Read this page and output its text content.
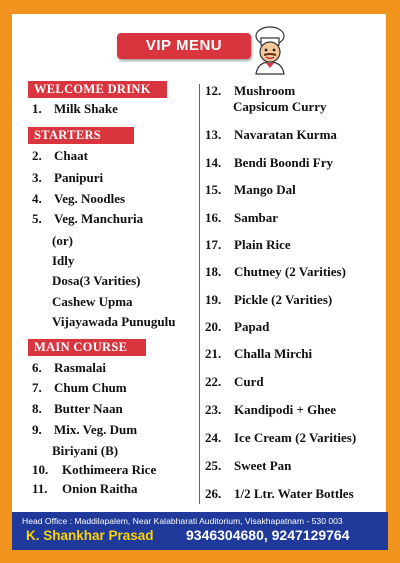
VIP MENU
WELCOME DRINK
STARTERS
MAIN COURSE
1. Milk Shake
2. Chaat
3. Panipuri
4. Veg. Noodles
5. Veg. Manchuria
(or)
Idly
Dosa(3 Varities)
Cashew Upma
Vijayawada Punugulu
6. Rasmalai
7. Chum Chum
8. Butter Naan
9. Mix. Veg. Dum
Biriyani (B)
10. Kothimeera Rice
11. Onion Raitha
12. Mushroom
Capsicum Curry
13. Navaratan Kurma
14. Bendi Boondi Fry
15. Mango Dal
16. Sambar
17. Plain Rice
18. Chutney (2 Varities)
19. Pickle (2 Varities)
20. Papad
21. Challa Mirchi
22. Curd
23. Kandipodi + Ghee
24. Ice Cream (2 Varities)
25. Sweet Pan
26. 1/2 Ltr. Water Bottles
Head Office : Maddilapalem, Near Kalabharati Auditorium, Visakhapatnam - 530 003
K. Shankhar Prasad 9346304680, 9247129764
